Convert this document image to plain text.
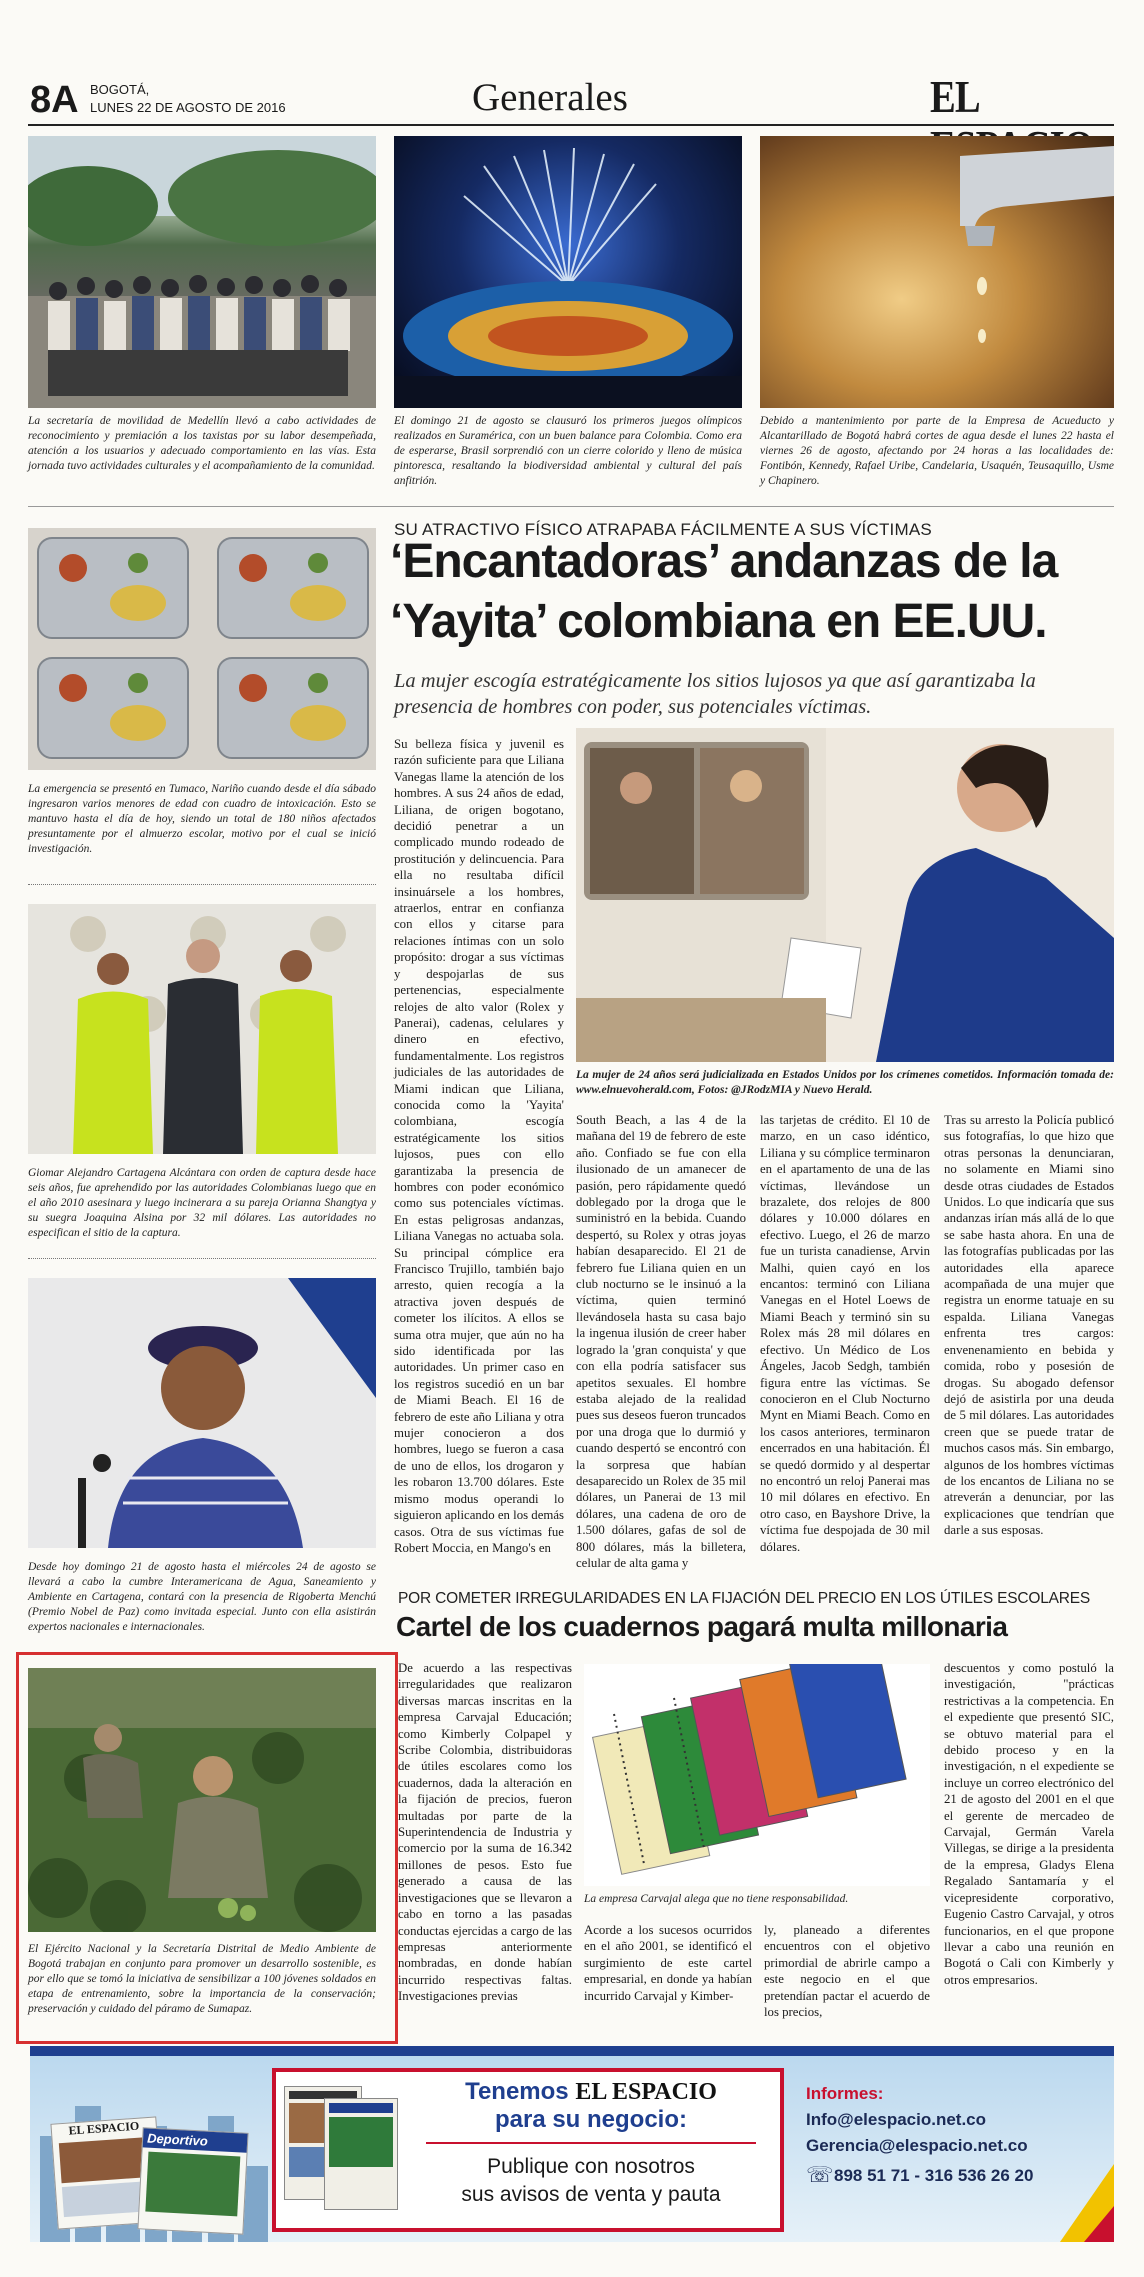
8A BOGOTÁ,
LUNES 22 DE AGOSTO DE 2016	Generales	EL
La secretaría de movilidad de Medellín llevó a cabo actividades de reconocimiento y premiación a los taxistas por su labor desempeñada, atención a los usuarios y adecuado comportamiento en las vías. Esta jornada tuvo actividades culturales y el acompañamiento de la comunidad.
El domingo 21 de agosto se clausuró los primeros juegos olímpicos realizados en Suramérica, con un buen balance para Colombia. Como era de esperarse, Brasil sorprendió con un cierre colorido y lleno de música pintoresca, resaltando la biodiversidad ambiental y cultural del país anfitrión.
Debido a mantenimiento por parte de la Empresa de Acueducto y Alcantarillado de Bogotá habrá cortes de agua desde el lunes 22 hasta el viernes 26 de agosto, afectando por 24 horas a las localidades de: Fontibón, Kennedy, Rafael Uribe, Candelaria, Usaquén, Teusaquillo, Usme y Chapinero.
La emergencia se presentó en Tumaco, Nariño cuando desde el día sábado ingresaron varios menores de edad con cuadro de intoxicación. Esto se mantuvo hasta el día de hoy, siendo un total de 180 niños afectados presuntamente por el almuerzo escolar, motivo por el cual se inició investigación.
Giomar Alejandro Cartagena Alcántara con orden de captura desde hace seis años, fue aprehendido por las autoridades Colombianas luego que en el año 2010 asesinara y luego incinerara a su pareja Orianna Shangtya y su suegra Joaquina Alsina por 32 mil dólares. Las autoridades no especifican el sitio de la captura.
Desde hoy domingo 21 de agosto hasta el miércoles 24 de agosto se llevará a cabo la cumbre Interamericana de Agua, Saneamiento y Ambiente en Cartagena, contará con la presencia de Rigoberta Menchú (Premio Nobel de Paz) como invitada especial. Junto con ella asistirán expertos nacionales e internacionales.
El Ejército Nacional y la Secretaría Distrital de Medio Ambiente de Bogotá trabajan en conjunto para promover un desarrollo sostenible, es por ello que se tomó la iniciativa de sensibilizar a 100 jóvenes soldados en etapa de entrenamiento, sobre la importancia de la conservación; preservación y cuidado del páramo de Sumapaz.
SU ATRACTIVO FÍSICO ATRAPABA FÁCILMENTE A SUS VÍCTIMAS
‘Encantadoras’ andanzas de la
‘Yayita’ colombiana en EE.UU.
La mujer escogía estratégicamente los sitios lujosos ya que así garantizaba la presencia de hombres con poder, sus potenciales víctimas.

Su belleza física y juvenil es razón suficiente para que Liliana Vanegas llame la atención de los hombres. A sus 24 años de edad, Liliana, de origen bogotano, decidió penetrar a un complicado mundo rodeado de prostitución y delincuencia. Para ella no resultaba difícil insinuársele a los hombres, atraerlos, entrar en confianza con ellos y citarse para relaciones íntimas con un solo propósito: drogar a sus víctimas y despojarlas de sus pertenencias, especialmente relojes de alto valor (Rolex y Panerai), cadenas, celulares y dinero en efectivo, fundamentalmente. Los registros judiciales de las autoridades de Miami indican que Liliana, conocida como la 'Yayita' colombiana, escogía estratégicamente los sitios lujosos, pues con ello garantizaba la presencia de hombres con poder económico como sus potenciales víctimas. En estas peligrosas andanzas, Liliana Vanegas no actuaba sola. Su principal cómplice era Francisco Trujillo, también bajo arresto, quien recogía a la atractiva joven después de cometer los ilícitos. A ellos se suma otra mujer, que aún no ha sido identificada por las autoridades. Un primer caso en los registros sucedió en un bar de Miami Beach. El 16 de febrero de este año Liliana y otra mujer conocieron a dos hombres, luego se fueron a casa de uno de ellos, los drogaron y les robaron 13.700 dólares. Este mismo modus operandi lo siguieron aplicando en los demás casos. Otra de sus víctimas fue Robert Moccia, en Mango's en

La mujer de 24 años será judicializada en Estados Unidos por los crímenes cometidos. Información tomada de: www.elnuevoherald.com, Fotos: @JRodzMIA y Nuevo Herald.

South Beach, a las 4 de la mañana del 19 de febrero de este año. Confiado se fue con ella ilusionado de un amanecer de pasión, pero rápidamente quedó doblegado por la droga que le suministró en la bebida. Cuando despertó, su Rolex y otras joyas habían desaparecido. El 21 de febrero fue Liliana quien en un club nocturno se le insinuó a la víctima, quien terminó llevándosela hasta su casa bajo la ingenua ilusión de creer haber logrado la 'gran conquista' y que con ella podría satisfacer sus apetitos sexuales. El hombre estaba alejado de la realidad pues sus deseos fueron truncados por una droga que lo durmió y cuando despertó se encontró con la sorpresa que habían desaparecido un Rolex de 35 mil dólares, un Panerai de 13 mil dólares, una cadena de oro de 1.500 dólares, gafas de sol de 800 dólares, más la billetera, celular de alta gama y

las tarjetas de crédito. El 10 de marzo, en un caso idéntico, Liliana y su cómplice terminaron en el apartamento de una de las víctimas, llevándose un brazalete, dos relojes de 800 dólares y 10.000 dólares en efectivo. Luego, el 26 de marzo fue un turista canadiense, Arvin Malhi, quien cayó en los encantos: terminó con Liliana Vanegas en el Hotel Loews de Miami Beach y terminó sin su Rolex más 28 mil dólares en efectivo. Un Médico de Los Ángeles, Jacob Sedgh, también figura entre las víctimas. Se conocieron en el Club Nocturno Mynt en Miami Beach. Como en los casos anteriores, terminaron encerrados en una habitación. Él se quedó dormido y al despertar no encontró un reloj Panerai mas 10 mil dólares en efectivo. En otro caso, en Bayshore Drive, la víctima fue despojada de 30 mil dólares.

Tras su arresto la Policía publicó sus fotografías, lo que hizo que otras personas la denunciaran, no solamente en Miami sino desde otras ciudades de Estados Unidos. Lo que indicaría que sus andanzas irían más allá de lo que se sabe hasta ahora. En una de las fotografías publicadas por las autoridades ella aparece acompañada de una mujer que registra un enorme tatuaje en su espalda. Liliana Vanegas enfrenta tres cargos: envenenamiento en bebida y comida, robo y posesión de drogas. Su abogado defensor dejó de asistirla por una deuda de 5 mil dólares. Las autoridades creen que se puede tratar de muchos casos más. Sin embargo, algunos de los hombres víctimas de los encantos de Liliana no se atreverán a denunciar, por las explicaciones que tendrían que darle a sus esposas.

POR COMETER IRREGULARIDADES EN LA FIJACIÓN DEL PRECIO EN LOS ÚTILES ESCOLARES
Cartel de los cuadernos pagará multa millonaria

De acuerdo a las respectivas irregularidades que realizaron diversas marcas inscritas en la empresa Carvajal Educación; como Kimberly Colpapel y Scribe Colombia, distribuidoras de útiles escolares como los cuadernos, dada la alteración en la fijación de precios, fueron multadas por parte de la Superintendencia de Industria y comercio por la suma de 16.342 millones de pesos. Esto fue generado a causa de las investigaciones que se llevaron a cabo en torno a las pasadas conductas ejercidas a cargo de las empresas anteriormente nombradas, en donde habían incurrido respectivas faltas. Investigaciones previas

La empresa Carvajal alega que no tiene responsabilidad.

Acorde a los sucesos ocurridos en el año 2001, se identificó el surgimiento de este cartel empresarial, en donde ya habían incurrido Carvajal y Kimber-

ly, planeado a diferentes encuentros con el objetivo primordial de abrirle campo a este negocio en el que pretendían pactar el acuerdo de los precios,

descuentos y como postuló la investigación, "prácticas restrictivas a la competencia. En el expediente que presentó SIC, se obtuvo material para el debido proceso y en la investigación, n el expediente se incluye un correo electrónico del 21 de agosto del 2001 en el que el gerente de mercadeo de Carvajal, Germán Varela Villegas, se dirige a la presidenta de la empresa, Gladys Elena Regalado Santamaría y el vicepresidente corporativo, Eugenio Castro Carvajal, y otros funcionarios, en el que propone llevar a cabo una reunión en Bogotá o Cali con Kimberly y otros empresarios.

EL ESPACIO
Deportivo
Tenemos EL ESPACIO
para su negocio:
Publique con nosotros
sus avisos de venta y pauta
Informes:
Info@elespacio.net.co
Gerencia@elespacio.net.co
☏ 898 51 71 - 316 536 26 20
